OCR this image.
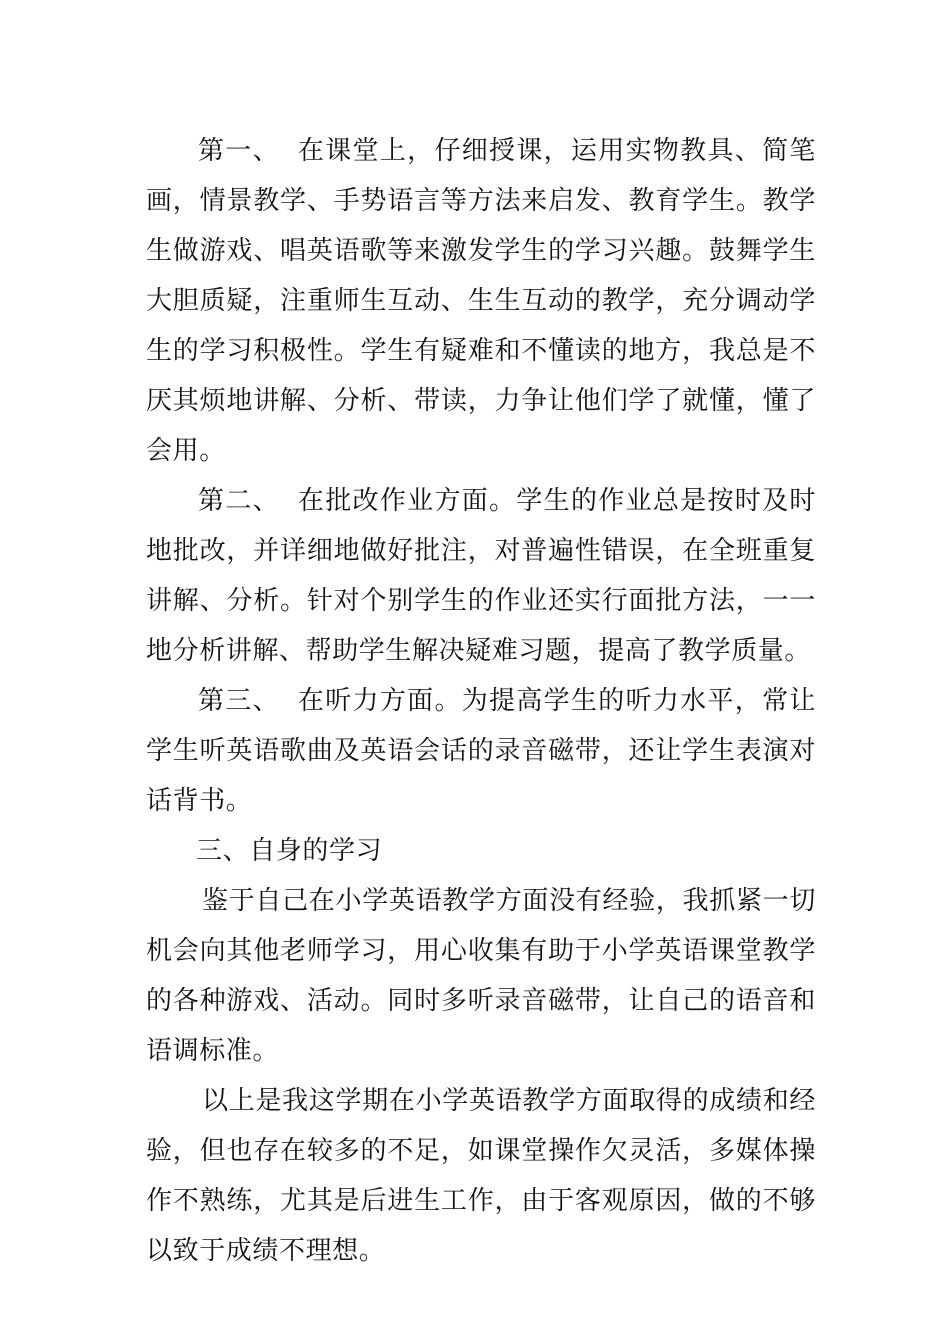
第一、 在课堂上，仔细授课，运用实物教具、简笔画，情景教学、手势语言等方法来启发、教育学生。教学生做游戏、唱英语歌等来激发学生的学习兴趣。鼓舞学生大胆质疑，注重师生互动、生生互动的教学，充分调动学生的学习积极性。学生有疑难和不懂读的地方，我总是不厌其烦地讲解、分析、带读，力争让他们学了就懂，懂了会用。

第二、 在批改作业方面。学生的作业总是按时及时地批改，并详细地做好批注，对普遍性错误，在全班重复讲解、分析。针对个别学生的作业还实行面批方法，一一地分析讲解、帮助学生解决疑难习题，提高了教学质量。

第三、 在听力方面。为提高学生的听力水平，常让学生听英语歌曲及英语会话的录音磁带，还让学生表演对话背书。

三、自身的学习

鉴于自己在小学英语教学方面没有经验，我抓紧一切机会向其他老师学习，用心收集有助于小学英语课堂教学的各种游戏、活动。同时多听录音磁带，让自己的语音和语调标准。

以上是我这学期在小学英语教学方面取得的成绩和经验，但也存在较多的不足，如课堂操作欠灵活，多媒体操作不熟练，尤其是后进生工作，由于客观原因，做的不够以致于成绩不理想。
